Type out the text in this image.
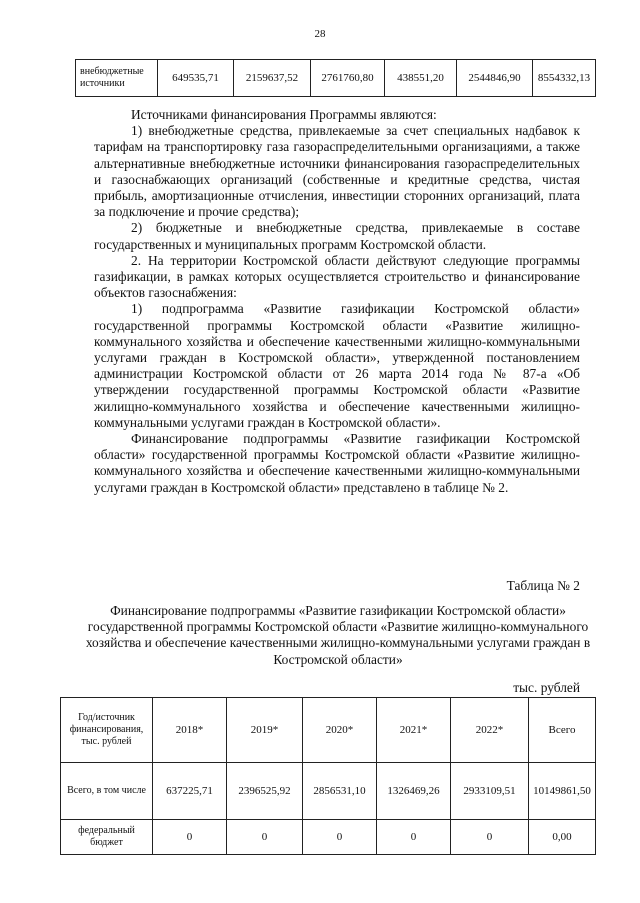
28
внебюджетные источники	649535,71	2159637,52	2761760,80	438551,20	2544846,90	8554332,13

Источниками финансирования Программы являются:

1) внебюджетные средства, привлекаемые за счет специальных надбавок к тарифам на транспортировку газа газораспределительными организациями, а также альтернативные внебюджетные источники финансирования газораспределительных и газоснабжающих организаций (собственные и кредитные средства, чистая прибыль, амортизационные отчисления, инвестиции сторонних организаций, плата за подключение и прочие средства);

2) бюджетные и внебюджетные средства, привлекаемые в составе государственных и муниципальных программ Костромской области.

2. На территории Костромской области действуют следующие программы газификации, в рамках которых осуществляется строительство и финансирование объектов газоснабжения:

1) подпрограмма «Развитие газификации Костромской области» государственной программы Костромской области «Развитие жилищно-коммунального хозяйства и обеспечение качественными жилищно-коммунальными услугами граждан в Костромской области», утвержденной постановлением администрации Костромской области от 26 марта 2014 года № 87-а «Об утверждении государственной программы Костромской области «Развитие жилищно-коммунального хозяйства и обеспечение качественными жилищно-коммунальными услугами граждан в Костромской области».

Финансирование подпрограммы «Развитие газификации Костромской области» государственной программы Костромской области «Развитие жилищно-коммунального хозяйства и обеспечение качественными жилищно-коммунальными услугами граждан в Костромской области» представлено в таблице № 2.

Таблица № 2
Финансирование подпрограммы «Развитие газификации Костромской области» государственной программы Костромской области «Развитие жилищно-коммунального хозяйства и обеспечение качественными жилищно-коммунальными услугами граждан в Костромской области»
тыс. рублей
Год/источник финансирования, тыс. рублей	2018*	2019*	2020*	2021*	2022*	Всего
Всего, в том числе	637225,71	2396525,92	2856531,10	1326469,26	2933109,51	10149861,50
федеральный бюджет	0	0	0	0	0	0,00
